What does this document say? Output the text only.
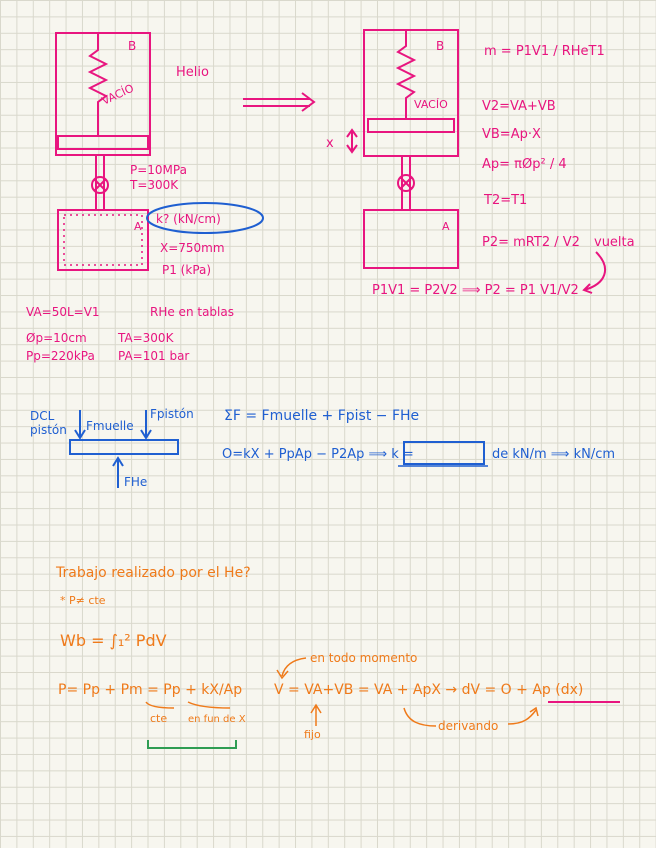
B
VACÍO
Helio
A
P=10MPa
T=300K
k? (kN/cm)
X=750mm
P1 (kPa)
B
VACÍO
A
x
m = P1V1 / RHeT1
V2=VA+VB
VB=Ap·X
Ap= πØp² / 4
T2=T1
P2= mRT2 / V2 vuelta
P1V1 = P2V2 ⟹ P2 = P1 V1/V2
VA=50L=V1	RHe en tablas
Øp=10cm	TA=300K
Pp=220kPa PA=101 bar
DCL
pistón Fmuelle
Fpistón
FHe
ΣF = Fmuelle + Fpist − FHe
O=kX + PpAp − P2Ap ⟹ k =	de kN/m ⟹ kN/cm
Trabajo realizado por el He?
* P≠ cte
Wb = ∫₁² PdV
P= Pp + Pm = Pp + kX/Ap
cte en fun de X
en todo momento
V = VA+VB = VA + ApX → dV = O + Ap (dx)
fijo
derivando
